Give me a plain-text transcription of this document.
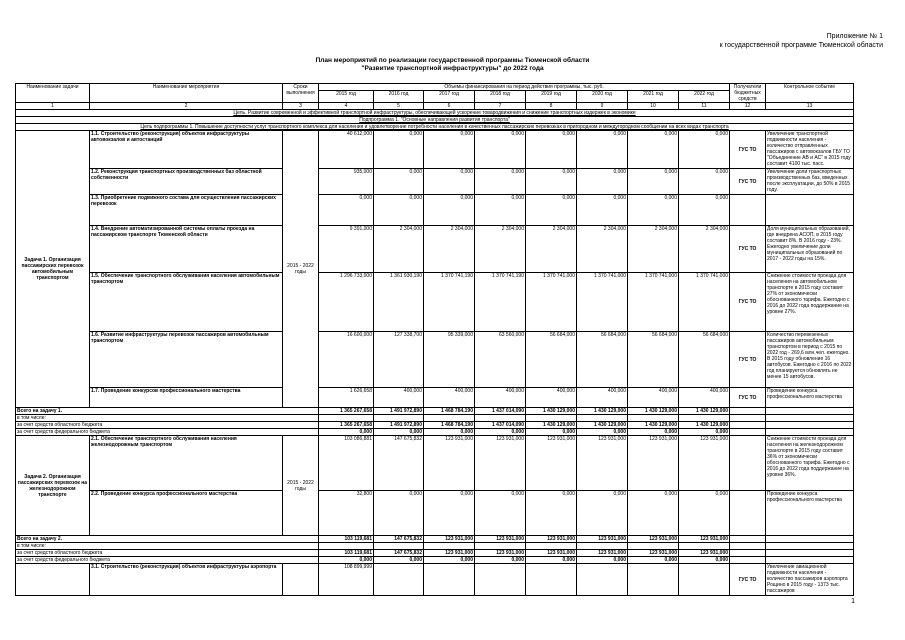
Приложение № 1
к государственной программе Тюменской области
План мероприятий по реализации государственной программы Тюменской области
"Развитие транспортной инфраструктуры" до 2022 года
Наименование задачи	Наименование мероприятия	Сроки выполнения	Объемы финансирования на период действия программы, тыс. руб.								Получатели бюджетных средств	Контрольное событие
			2015 год	2016 год	2017 год	2018 год	2019 год	2020 год	2021 год	2022 год		
1	2	3	4	5	6	7	8	9	10	11	12	13
Цель. Развитие современной и эффективной транспортной инфраструктуры, обеспечивающей ускорение товародвижения и снижение транспортных издержек в экономике												
Подпрограмма 1. "Основные направления развития транспорта"												
Цель подпрограммы 1. Повышение доступности услуг транспортного комплекса для населения и удовлетворение потребности населения в качественных пассажирских перевозках в пригородном и междугородном сообщении на всех видах транспорта												
Задача 1. Организация пассажирских перевозок автомобильным транспортом	1.1. Строительство (реконструкция) объектов инфраструктуры автовокзалов и автостанций	2015 - 2022 годы	40 612,000	0,000	0,000	0,000	0,000	0,000	0,000	0,000	ГУС ТО	Увеличение транспортной подвижности населения - количество отправленных пассажиров с автовокзалов ГБУ ТО "Объединение АВ и АС" в 2015 году составит 4100 тыс. пасс.
	1.2. Реконструкция транспортных производственных баз областной собственности		935,000	0,000	0,000	0,000	0,000	0,000	0,000	0,000	ГУС ТО	Увеличение доли транспортных производственных баз, введенных после эксплуатации, до 50% в 2015 году.
	1.3. Приобретение подвижного состава для осуществления пассажирских перевозок		0,000	0,000	0,000	0,000	0,000	0,000	0,000	0,000		
	1.4. Внедрение автоматизированной системы оплаты проезда на пассажирском транспорте Тюменской области		9 391,000	2 304,000	2 304,000	2 304,000	2 304,000	2 304,000	2 304,000	2 304,000	ГУС ТО	Доля муниципальных образований, где внедрена АСОП, в 2015 году составит 8%. В 2016 году - 23%. Ежегодно увеличение доли муниципальных образований по 2017 - 2022 годы на 15%.
	1.5. Обеспечение транспортного обслуживания населения автомобильным транспортом		1 296 733,000	1 361 930,190	1 370 741,190	1 370 741,190	1 370 741,000	1 370 741,000	1 370 741,000	1 370 741,000	ГУС ТО	Снижение стоимости проезда для населения на автомобильном транспорте в 2015 году составит 27% от экономически обоснованного тарифа. Ежегодно с 2016 до 2022 года поддержание на уровне 27%.
	1.6. Развитие инфраструктуры перевозок пассажиров автомобильным транспортом		16 600,000	127 338,700	95 339,000	63 560,000	56 684,000	56 684,000	56 684,000	56 684,000	ГУС ТО	Количество перевезенных пассажиров автомобильным транспортом в период с 2015 по 2022 год - 269,6 млн.чел. ежегодно. В 2015 году обновление 16 автобусов. Ежегодно с 2016 по 2022 год планируется обновлять не менее 15 автобусов.
	1.7. Проведение конкурсов профессионального мастерства		1 626,658	400,000	400,000	400,000	400,000	400,000	400,000	400,000	ГУС ТО	Проведение конкурса профессионального мастерства
Всего на задачу 1.			1 365 267,658	1 491 972,890	1 468 784,190	1 437 014,090	1 430 129,000	1 430 129,000	1 430 129,000	1 430 129,000		
в том числе:												
за счет средств областного бюджета			1 365 267,658	1 491 972,890	1 468 784,190	1 437 014,090	1 430 129,000	1 430 129,000	1 430 129,000	1 430 129,000		
за счет средств федерального бюджета			0,000	0,000	0,000	0,000	0,000	0,000	0,000	0,000		
Задача 2. Организация пассажирских перевозок на железнодорожном транспорте	2.1. Обеспечение транспортного обслуживания населения железнодорожным транспортом	2015 - 2022 годы	103 086,881	147 675,832	123 931,000	123 931,000	123 931,000	123 931,000	123 931,000	123 931,000		Снижение стоимости проезда для населения на железнодорожном транспорте в 2015 году составит 36% от экономически обоснованного тарифа. Ежегодно с 2016 до 2022 года поддержание на уровне 36%.
	2.2. Проведение конкурса профессионального мастерства		32,800	0,000	0,000	0,000	0,000	0,000	0,000	0,000		Проведение конкурса профессионального мастерства
Всего на задачу 2.			103 119,681	147 675,832	123 931,000	123 931,000	123 931,000	123 931,000	123 931,000	123 931,000		
в том числе:												
за счет средств областного бюджета			103 119,681	147 675,832	123 931,000	123 931,000	123 931,000	123 931,000	123 931,000	123 931,000		
за счет средств федерального бюджета			0,000	0,000	0,000	0,000	0,000	0,000	0,000	0,000		
	3.1. Строительство (реконструкция) объектов инфраструктуры аэропорта		108 899,999								ГУС ТО	Увеличение авиационной подвижности населения - количество пассажиров аэропорта Рощино в 2015 году - 1373 тыс. пассажиров
1
